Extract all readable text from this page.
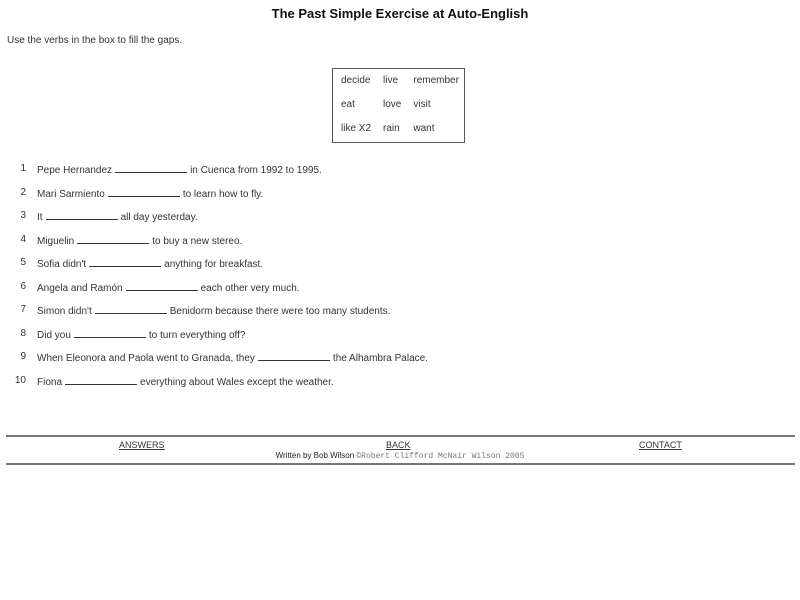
The Past Simple Exercise at Auto-English
Use the verbs in the box to fill the gaps.
decide	live	remember
eat	love	visit
like X2	rain	want
1	Pepe Hernandez	in Cuenca from 1992 to 1995.
2	Mari Sarmiento	to learn how to fly.
3	It	all day yesterday.
4	Miguelin	to buy a new stereo.
5	Sofia didn't	anything for breakfast.
6	Angela and Ramón	each other very much.
7	Simon didn't	Benidorm because there were too many students.
8	Did you	to turn everything off?
9	When Eleonora and Paola went to Granada, they	the Alhambra Palace.
10	Fiona	everything about Wales except the weather.
ANSWERS	BACK	CONTACT
Written by Bob Wilson ©Robert Clifford McNair Wilson 2005
